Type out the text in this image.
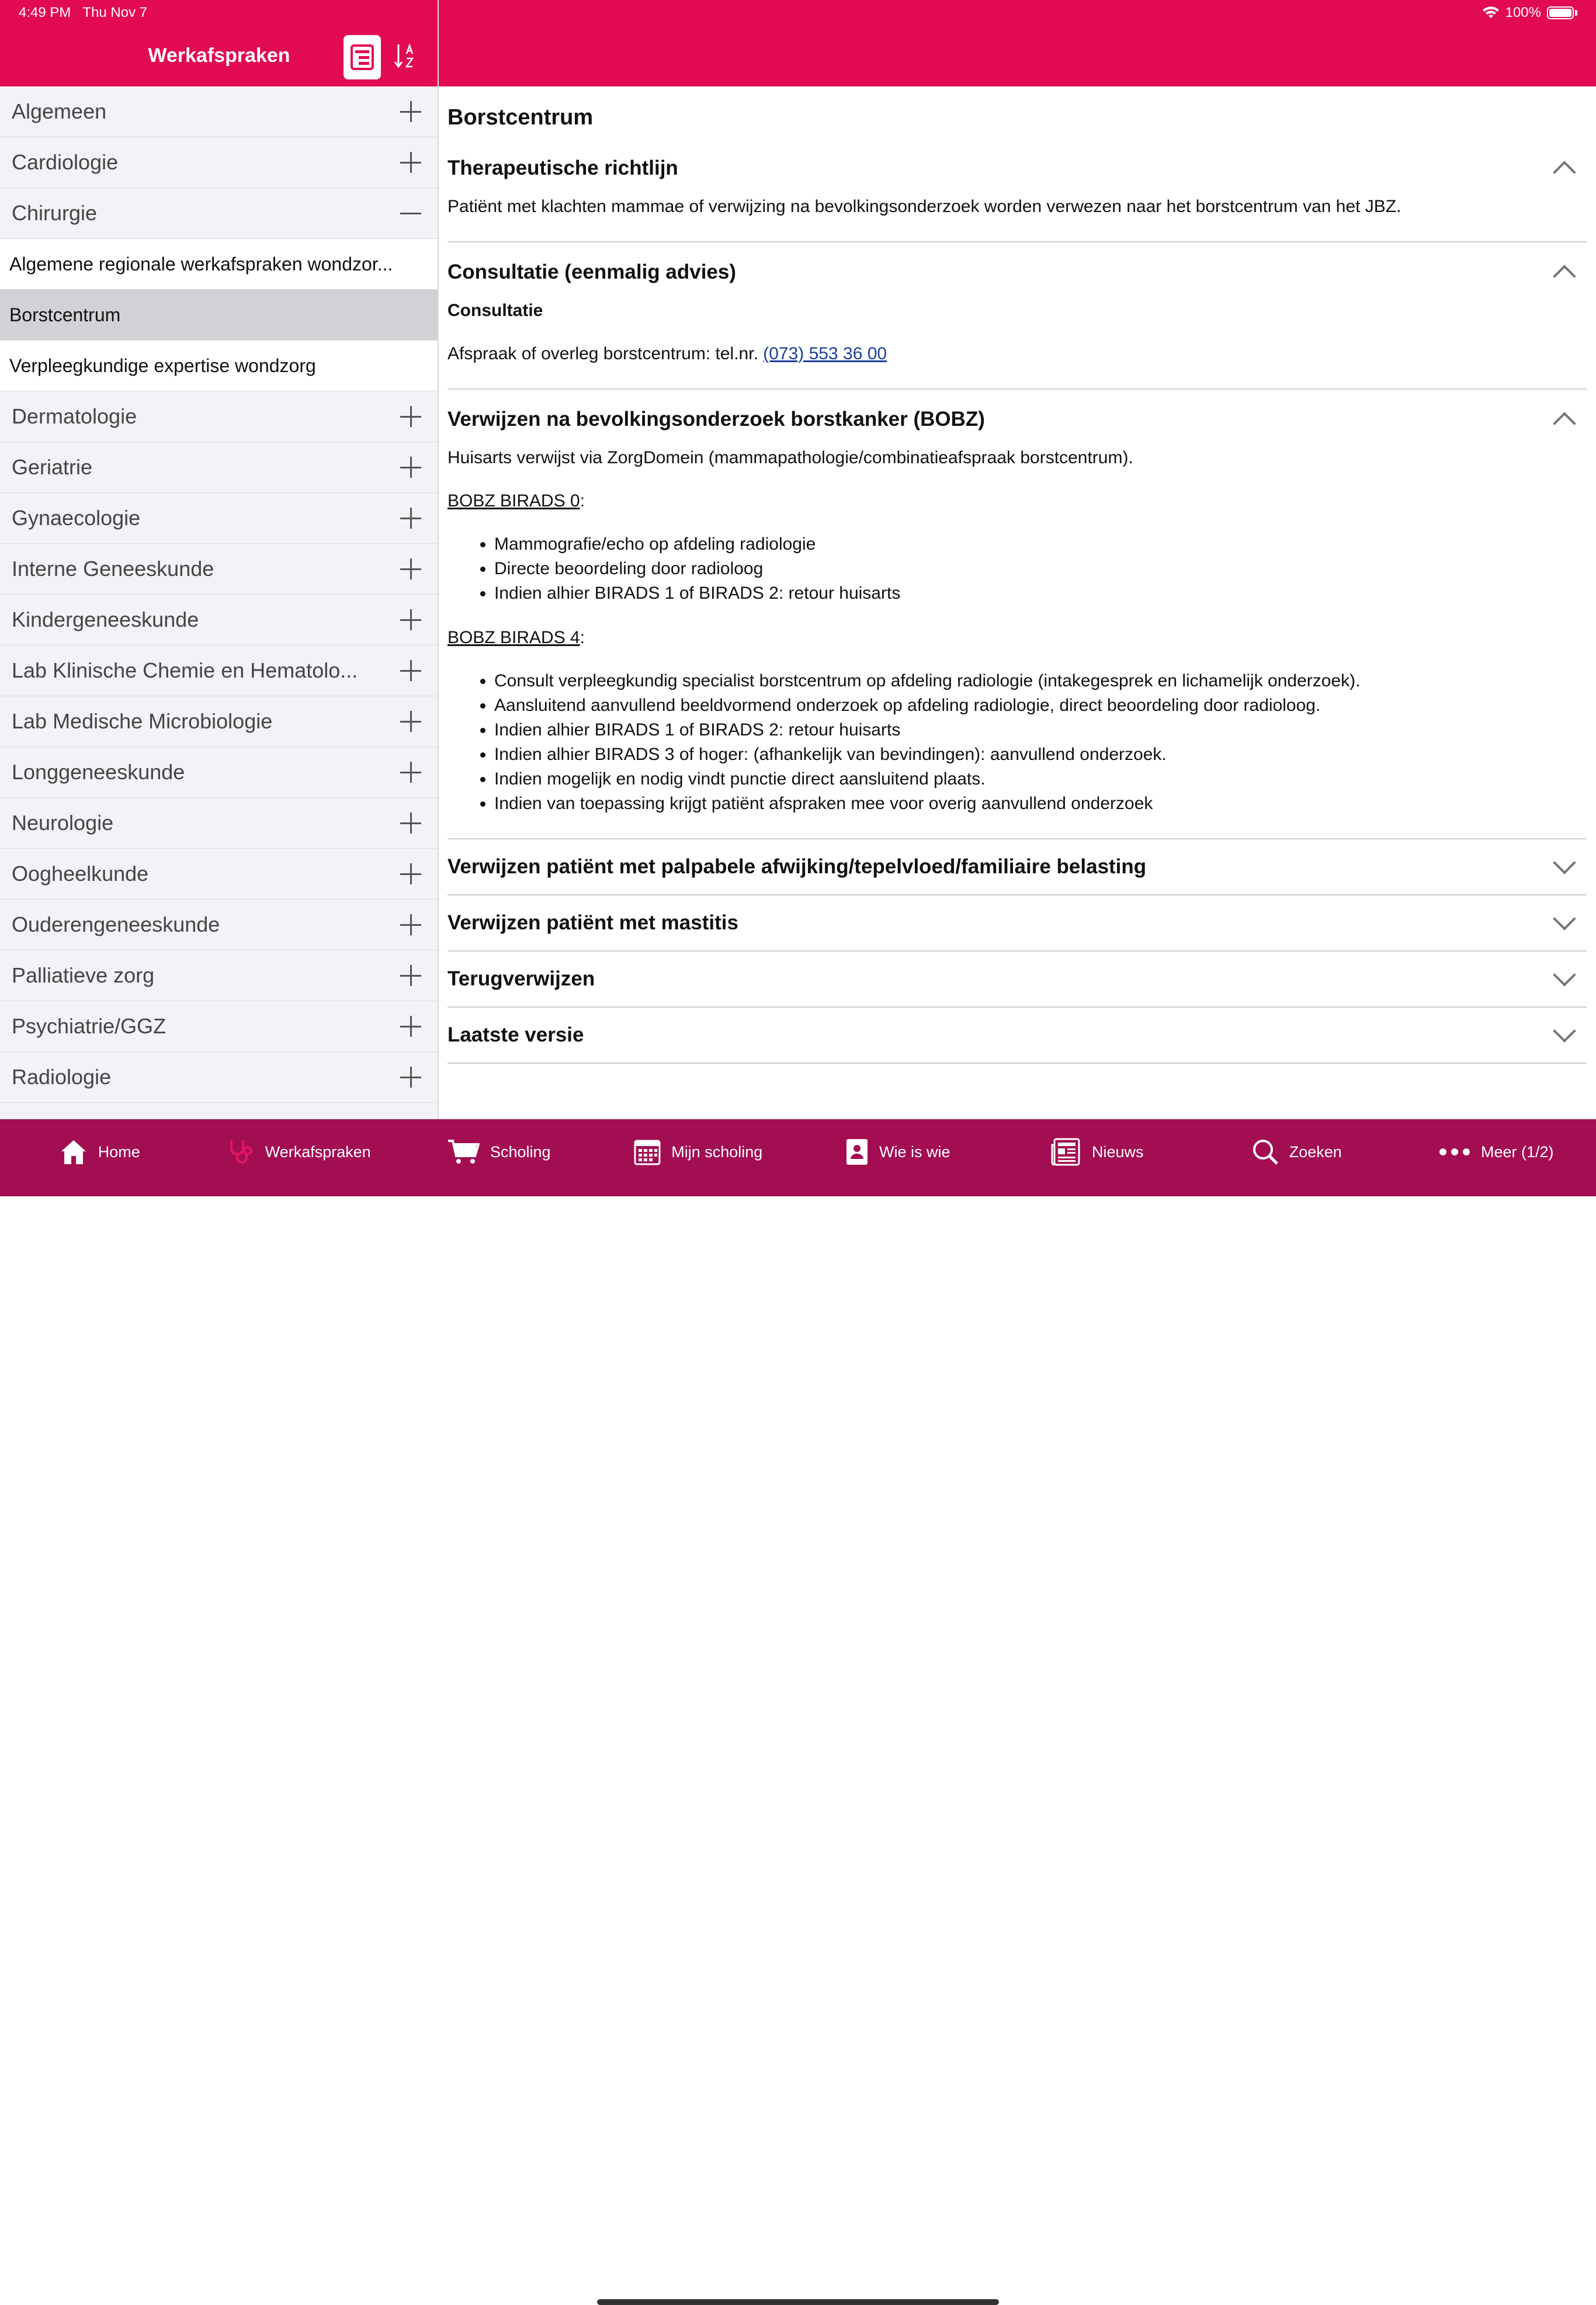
4:49 PM Thu Nov 7	100%
Werkafspraken
Algemeen
Cardiologie
Chirurgie
Algemene regionale werkafspraken wondzor...
Borstcentrum
Verpleegkundige expertise wondzorg
Dermatologie
Geriatrie
Gynaecologie
Interne Geneeskunde
Kindergeneeskunde
Lab Klinische Chemie en Hematolo...
Lab Medische Microbiologie
Longgeneeskunde
Neurologie
Oogheelkunde
Ouderengeneeskunde
Palliatieve zorg
Psychiatrie/GGZ
Radiologie
Borstcentrum
Therapeutische richtlijn

Patiënt met klachten mammae of verwijzing na bevolkingsonderzoek worden verwezen naar het borstcentrum van het JBZ.

Consultatie (eenmalig advies)

Consultatie

Afspraak of overleg borstcentrum: tel.nr. (073) 553 36 00

Verwijzen na bevolkingsonderzoek borstkanker (BOBZ)

Huisarts verwijst via ZorgDomein (mammapathologie/combinatieafspraak borstcentrum).

BOBZ BIRADS 0:

• Mammografie/echo op afdeling radiologie
• Directe beoordeling door radioloog
• Indien alhier BIRADS 1 of BIRADS 2: retour huisarts

BOBZ BIRADS 4:

• Consult verpleegkundig specialist borstcentrum op afdeling radiologie (intakegesprek en lichamelijk onderzoek).
• Aansluitend aanvullend beeldvormend onderzoek op afdeling radiologie, direct beoordeling door radioloog.
• Indien alhier BIRADS 1 of BIRADS 2: retour huisarts
• Indien alhier BIRADS 3 of hoger: (afhankelijk van bevindingen): aanvullend onderzoek.
• Indien mogelijk en nodig vindt punctie direct aansluitend plaats.
• Indien van toepassing krijgt patiënt afspraken mee voor overig aanvullend onderzoek
Verwijzen patiënt met palpabele afwijking/tepelvloed/familiaire belasting
Verwijzen patiënt met mastitis
Terugverwijzen
Laatste versie
Home	Werkafspraken	Scholing	Mijn scholing	Wie is wie	Nieuws	Zoeken	Meer (1/2)
